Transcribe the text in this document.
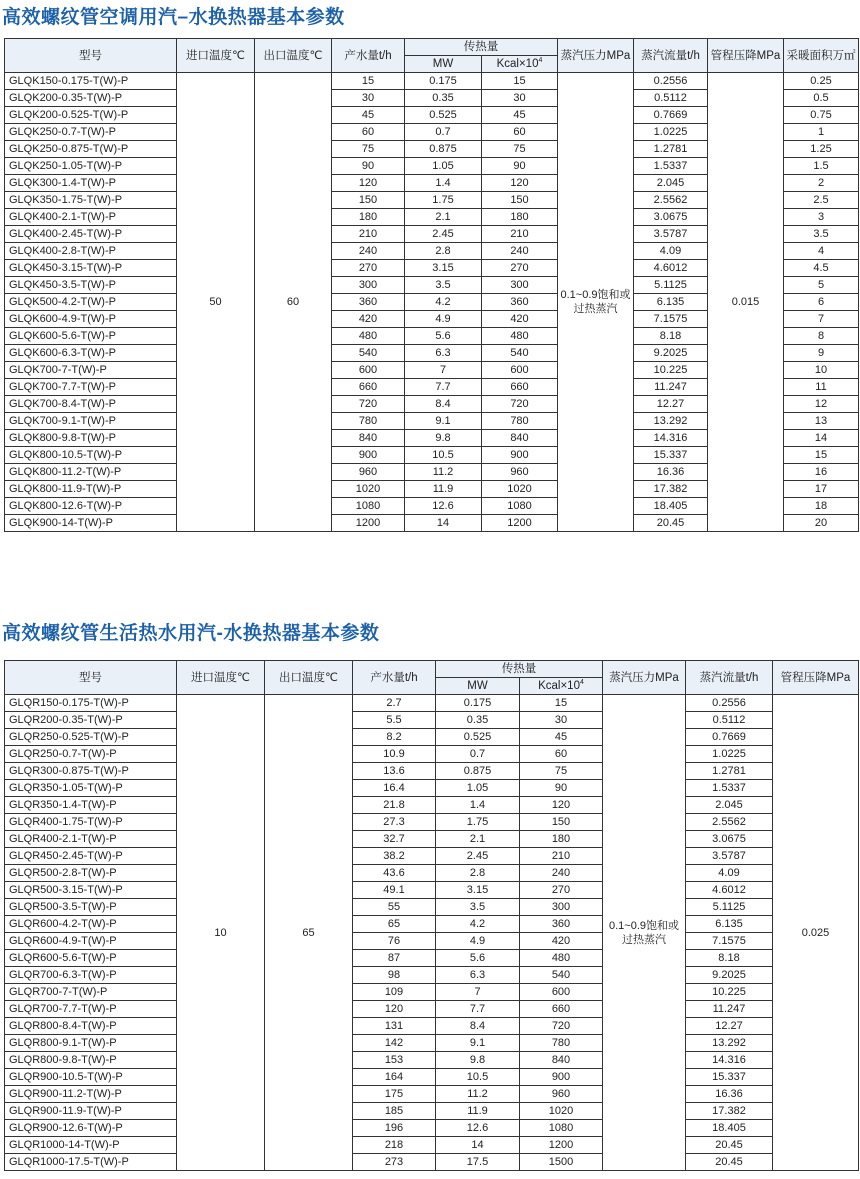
高效螺纹管空调用汽–水换热器基本参数
型号	进口温度℃	出口温度℃	产水量t/h	传热量		蒸汽压力MPa	蒸汽流量t/h	管程压降MPa	采暖面积万㎡
				MW	$Kcal\times 10^4$
GLQK150-0.175-T(W)-P	50	60	15	0.175	15	0.1~0.9饱和或过热蒸汽	0.2556	0.015	0.25
GLQK200-0.35-T(W)-P			30	0.35	30		0.5112		0.5
GLQK200-0.525-T(W)-P			45	0.525	45		0.7669		0.75
GLQK250-0.7-T(W)-P			60	0.7	60		1.0225		1
GLQK250-0.875-T(W)-P			75	0.875	75		1.2781		1.25
GLQK250-1.05-T(W)-P			90	1.05	90		1.5337		1.5
GLQK300-1.4-T(W)-P			120	1.4	120		2.045		2
GLQK350-1.75-T(W)-P			150	1.75	150		2.5562		2.5
GLQK400-2.1-T(W)-P			180	2.1	180		3.0675		3
GLQK400-2.45-T(W)-P			210	2.45	210		3.5787		3.5
GLQK400-2.8-T(W)-P			240	2.8	240		4.09		4
GLQK450-3.15-T(W)-P			270	3.15	270		4.6012		4.5
GLQK450-3.5-T(W)-P			300	3.5	300		5.1125		5
GLQK500-4.2-T(W)-P			360	4.2	360		6.135		6
GLQK600-4.9-T(W)-P			420	4.9	420		7.1575		7
GLQK600-5.6-T(W)-P			480	5.6	480		8.18		8
GLQK600-6.3-T(W)-P			540	6.3	540		9.2025		9
GLQK700-7-T(W)-P			600	7	600		10.225		10
GLQK700-7.7-T(W)-P			660	7.7	660		11.247		11
GLQK700-8.4-T(W)-P			720	8.4	720		12.27		12
GLQK700-9.1-T(W)-P			780	9.1	780		13.292		13
GLQK800-9.8-T(W)-P			840	9.8	840		14.316		14
GLQK800-10.5-T(W)-P			900	10.5	900		15.337		15
GLQK800-11.2-T(W)-P			960	11.2	960		16.36		16
GLQK800-11.9-T(W)-P			1020	11.9	1020		17.382		17
GLQK800-12.6-T(W)-P			1080	12.6	1080		18.405		18
GLQK900-14-T(W)-P			1200	14	1200		20.45		20
高效螺纹管生活热水用汽-水换热器基本参数
型号	进口温度℃	出口温度℃	产水量t/h	传热量		蒸汽压力MPa	蒸汽流量t/h	管程压降MPa
				MW	$Kcal\times 10^4$
GLQR150-0.175-T(W)-P	10	65	2.7	0.175	15	0.1~0.9饱和或过热蒸汽	0.2556	0.025
GLQR200-0.35-T(W)-P			5.5	0.35	30		0.5112	
GLQR250-0.525-T(W)-P			8.2	0.525	45		0.7669	
GLQR250-0.7-T(W)-P			10.9	0.7	60		1.0225	
GLQR300-0.875-T(W)-P			13.6	0.875	75		1.2781	
GLQR350-1.05-T(W)-P			16.4	1.05	90		1.5337	
GLQR350-1.4-T(W)-P			21.8	1.4	120		2.045	
GLQR400-1.75-T(W)-P			27.3	1.75	150		2.5562	
GLQR400-2.1-T(W)-P			32.7	2.1	180		3.0675	
GLQR450-2.45-T(W)-P			38.2	2.45	210		3.5787	
GLQR500-2.8-T(W)-P			43.6	2.8	240		4.09	
GLQR500-3.15-T(W)-P			49.1	3.15	270		4.6012	
GLQR500-3.5-T(W)-P			55	3.5	300		5.1125	
GLQR600-4.2-T(W)-P			65	4.2	360		6.135	
GLQR600-4.9-T(W)-P			76	4.9	420		7.1575	
GLQR600-5.6-T(W)-P			87	5.6	480		8.18	
GLQR700-6.3-T(W)-P			98	6.3	540		9.2025	
GLQR700-7-T(W)-P			109	7	600		10.225	
GLQR700-7.7-T(W)-P			120	7.7	660		11.247	
GLQR800-8.4-T(W)-P			131	8.4	720		12.27	
GLQR800-9.1-T(W)-P			142	9.1	780		13.292	
GLQR800-9.8-T(W)-P			153	9.8	840		14.316	
GLQR900-10.5-T(W)-P			164	10.5	900		15.337	
GLQR900-11.2-T(W)-P			175	11.2	960		16.36	
GLQR900-11.9-T(W)-P			185	11.9	1020		17.382	
GLQR900-12.6-T(W)-P			196	12.6	1080		18.405	
GLQR1000-14-T(W)-P			218	14	1200		20.45	
GLQR1000-17.5-T(W)-P			273	17.5	1500		20.45	
